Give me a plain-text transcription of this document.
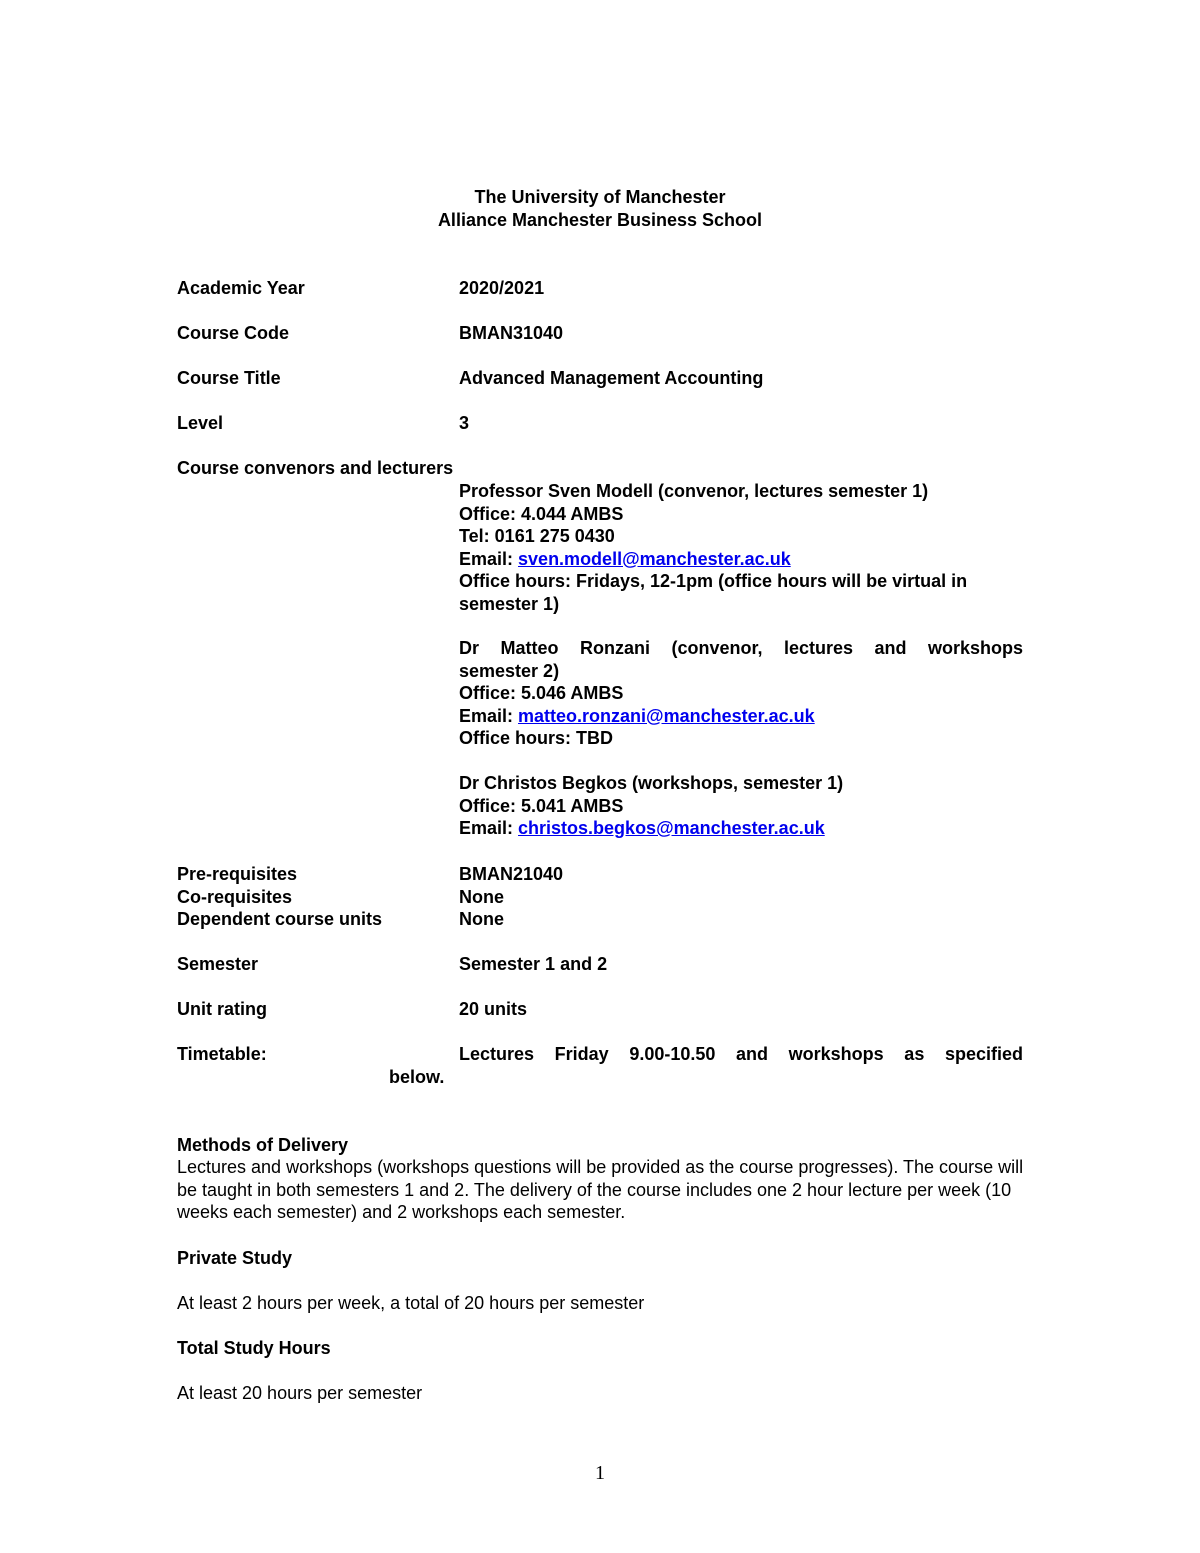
The University of Manchester
Alliance Manchester Business School
Academic Year	2020/2021
Course Code	BMAN31040
Course Title	Advanced Management Accounting
Level	3
Course convenors and lecturers
Professor Sven Modell (convenor, lectures semester 1)
Office: 4.044 AMBS
Tel: 0161 275 0430
Email: sven.modell@manchester.ac.uk
Office hours: Fridays, 12-1pm (office hours will be virtual in
semester 1)
Dr Matteo Ronzani (convenor, lectures and workshops
semester 2)
Office: 5.046 AMBS
Email: matteo.ronzani@manchester.ac.uk
Office hours: TBD
Dr Christos Begkos (workshops, semester 1)
Office: 5.041 AMBS
Email: christos.begkos@manchester.ac.uk
Pre-requisites	BMAN21040
Co-requisites	None
Dependent course units	None
Semester	Semester 1 and 2
Unit rating	20 units
Timetable:	Lectures Friday 9.00-10.50 and workshops as specified
below.
Methods of Delivery
Lectures and workshops (workshops questions will be provided as the course progresses). The course will be taught in both semesters 1 and 2. The delivery of the course includes one 2 hour lecture per week (10 weeks each semester) and 2 workshops each semester.
Private Study
At least 2 hours per week, a total of 20 hours per semester
Total Study Hours
At least 20 hours per semester
1
